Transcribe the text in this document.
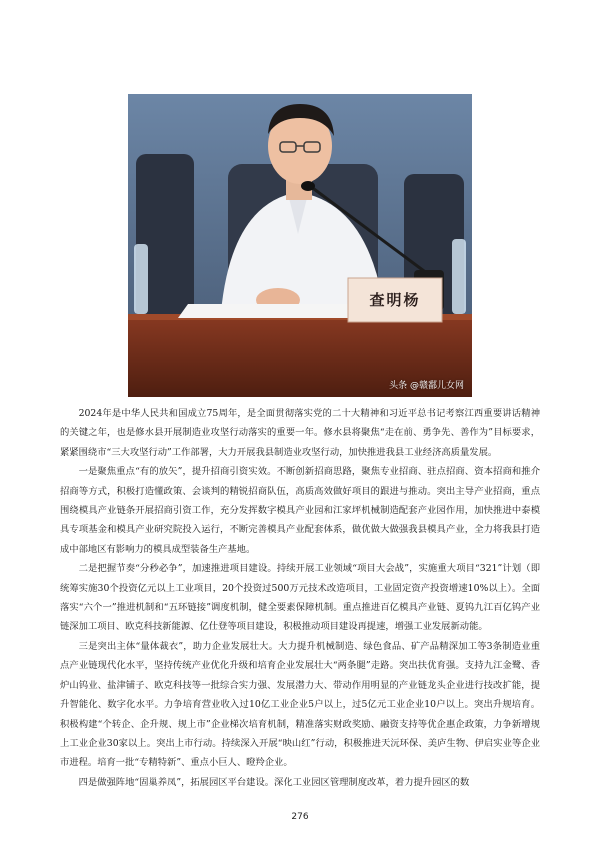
查明杨
头条 @赣鄱儿女网

2024年是中华人民共和国成立75周年，是全面贯彻落实党的二十大精神和习近平总书记考察江西重要讲话精神的关键之年，也是修水县开展制造业攻坚行动落实的重要一年。修水县将聚焦“走在前、勇争先、善作为”目标要求，紧紧围绕市“三大攻坚行动”工作部署，大力开展我县制造业攻坚行动，加快推进我县工业经济高质量发展。

一是聚焦重点“有的放矢”，提升招商引资实效。不断创新招商思路，聚焦专业招商、驻点招商、资本招商和推介招商等方式，积极打造懂政策、会谈判的精锐招商队伍，高质高效做好项目的跟进与推动。突出主导产业招商，重点围绕模具产业链条开展招商引资工作，充分发挥数字模具产业园和江家坪机械制造配套产业园作用，加快推进中泰模具专项基金和模具产业研究院投入运行，不断完善模具产业配套体系，做优做大做强我县模具产业，全力将我县打造成中部地区有影响力的模具成型装备生产基地。

二是把握节奏“分秒必争”，加速推进项目建设。持续开展工业领域“项目大会战”，实施重大项目“321”计划（即统筹实施30个投资亿元以上工业项目，20个投资过500万元技术改造项目，工业固定资产投资增速10%以上）。全面落实“六个一”推进机制和“五环链接”调度机制，健全要素保障机制。重点推进百亿模具产业链、夏钨九江百亿钨产业链深加工项目、欧克科技新能源、亿仕登等项目建设，积极推动项目建设再提速，增强工业发展新动能。

三是突出主体“量体裁衣”，助力企业发展壮大。大力提升机械制造、绿色食品、矿产品精深加工等3条制造业重点产业链现代化水平，坚持传统产业优化升级和培育企业发展壮大“两条腿”走路。突出扶优育强。支持九江金鹭、香炉山钨业、盐津铺子、欧克科技等一批综合实力强、发展潜力大、带动作用明显的产业链龙头企业进行技改扩能，提升智能化、数字化水平。力争培育营业收入过10亿工业企业5户以上，过5亿元工业企业10户以上。突出升规培育。积极构建“个转企、企升规、规上市”企业梯次培育机制，精准落实财政奖励、融资支持等优企惠企政策，力争新增规上工业企业30家以上。突出上市行动。持续深入开展“映山红”行动，积极推进天沅环保、美庐生物、伊启实业等企业市进程。培育一批“专精特新”、重点小巨人、瞪羚企业。

四是做强阵地“固巢养凤”，拓展园区平台建设。深化工业园区管理制度改革，着力提升园区的数

276
